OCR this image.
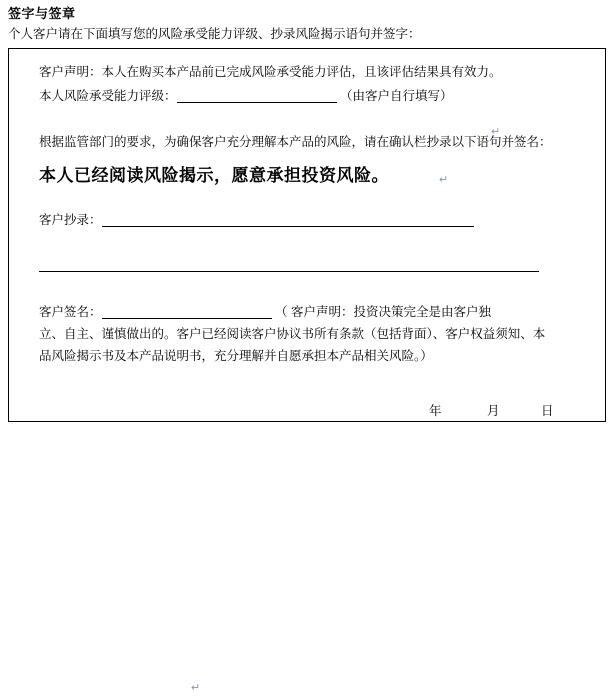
签字与签章
个人客户请在下面填写您的风险承受能力评级、抄录风险揭示语句并签字：
客户声明：本人在购买本产品前已完成风险承受能力评估，且该评估结果具有效力。
↵
本人风险承受能力评级：	（由客户自行填写）
↵
根据监管部门的要求，为确保客户充分理解本产品的风险，请在确认栏抄录以下语句并签名：
本人已经阅读风险揭示，愿意承担投资风险。
客户抄录：
客户签名：	（ 客户声明：投资决策完全是由客户独
立、自主、谨慎做出的。客户已经阅读客户协议书所有条款（包括背面）、客户权益须知、本
品风险揭示书及本产品说明书，充分理解并自愿承担本产品相关风险。）
↵
年	月	日
